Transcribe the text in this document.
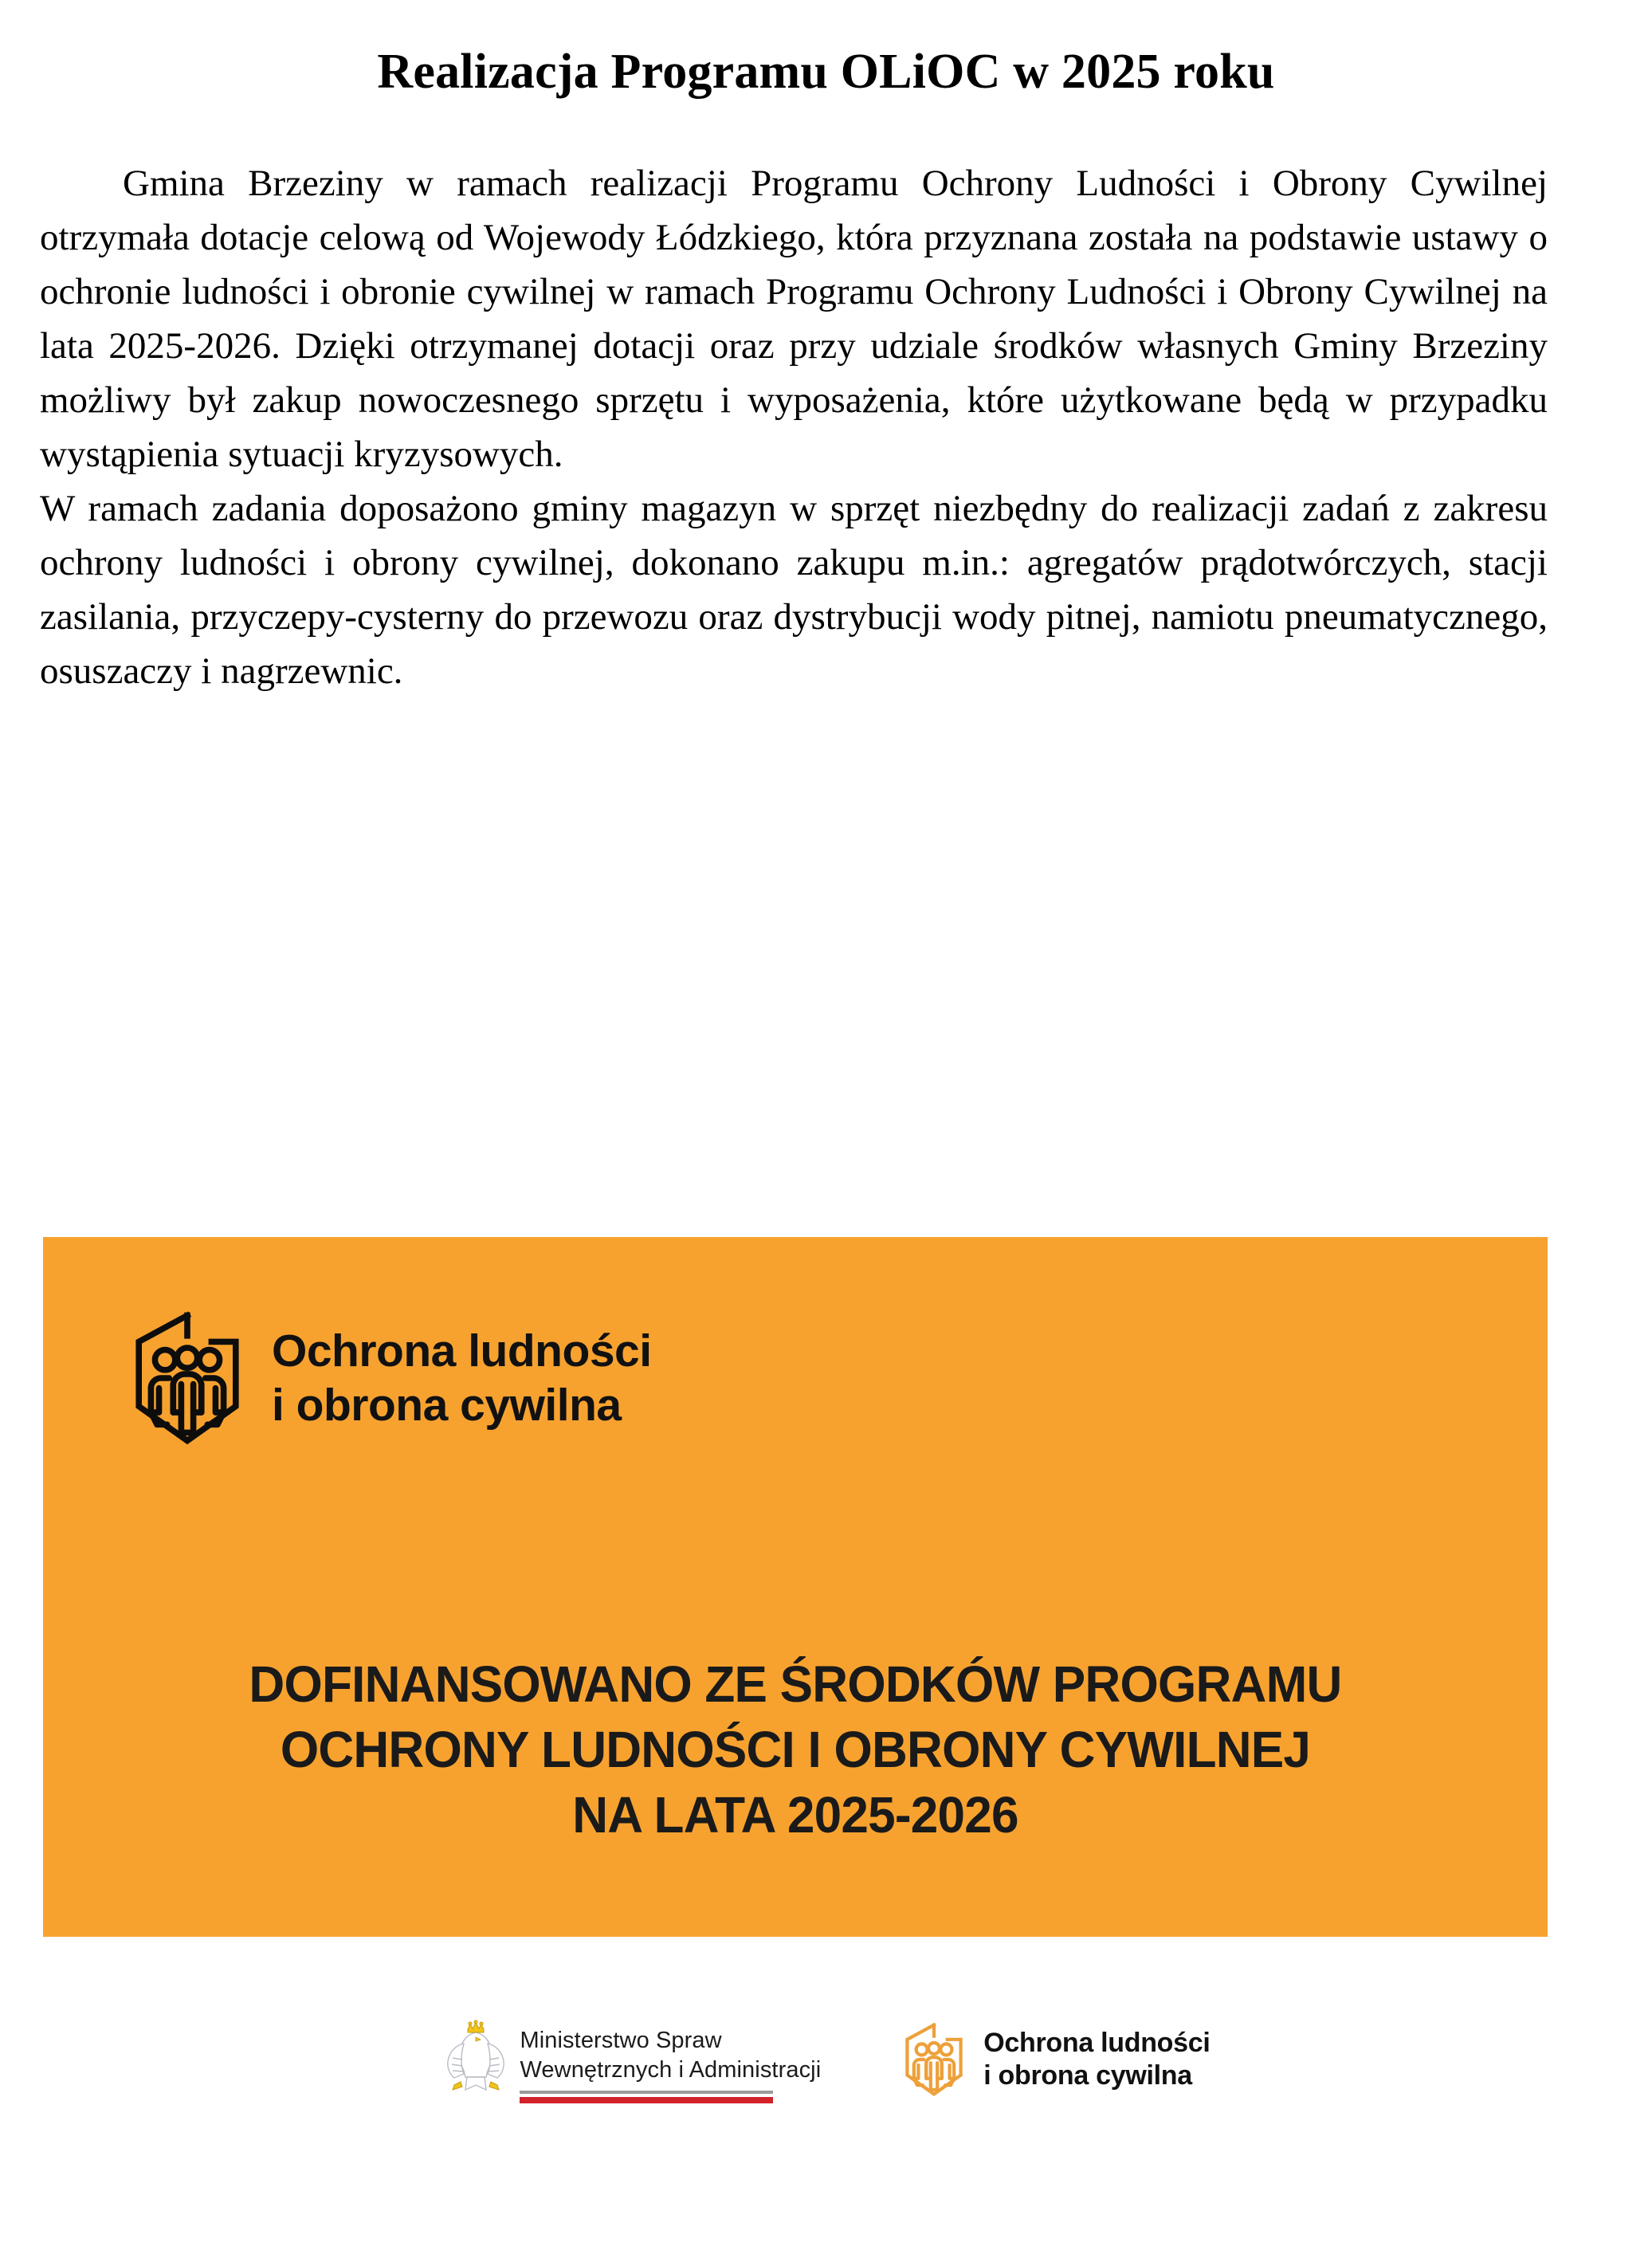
Realizacja Programu OLiOC w 2025 roku

Gmina Brzeziny w ramach realizacji Programu Ochrony Ludności i Obrony Cywilnej otrzymała dotacje celową od Wojewody Łódzkiego, która przyznana została na podstawie ustawy o ochronie ludności i obronie cywilnej w ramach Programu Ochrony Ludności i Obrony Cywilnej na lata 2025-2026. Dzięki otrzymanej dotacji oraz przy udziale środków własnych Gminy Brzeziny możliwy był zakup nowoczesnego sprzętu i wyposażenia, które użytkowane będą w przypadku wystąpienia sytuacji kryzysowych.

W ramach zadania doposażono gminy magazyn w sprzęt niezbędny do realizacji zadań z zakresu ochrony ludności i obrony cywilnej, dokonano zakupu m.in.: agregatów prądotwórczych, stacji zasilania, przyczepy-cysterny do przewozu oraz dystrybucji wody pitnej, namiotu pneumatycznego, osuszaczy i nagrzewnic.

Ochrona ludności
i obrona cywilna
DOFINANSOWANO ZE ŚRODKÓW PROGRAMU
OCHRONY LUDNOŚCI I OBRONY CYWILNEJ
NA LATA 2025-2026
Ministerstwo Spraw
Wewnętrznych i Administracji
Ochrona ludności
i obrona cywilna
